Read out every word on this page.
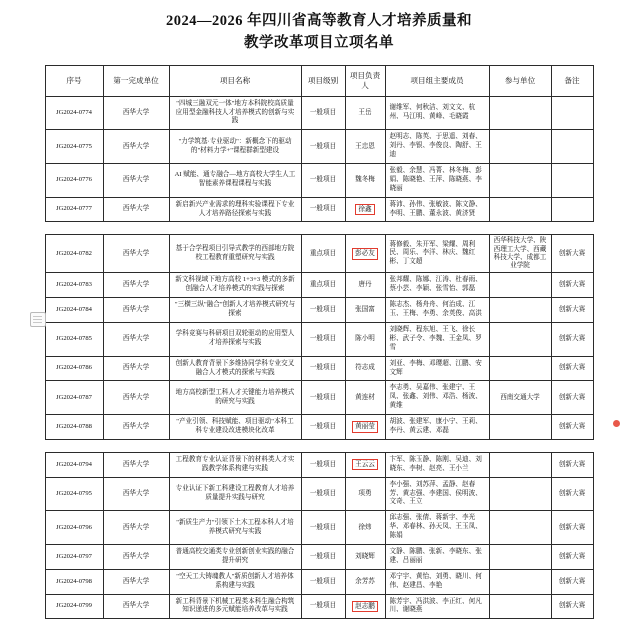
2024—2026 年四川省高等教育人才培养质量和
教学改革项目立项名单
序号	第一完成单位	项目名称	项目级别	项目负责人	项目组主要成员	参与单位	备注
JG2024-0774	西华大学	"四城三融双元一体"地方本科院校高质量应用型金融科技人才培养模式的创新与实践	一般项目	王岳	谢维军、何秋洁、刘文文、杭州、马江明、黄峰、毛晓霞		
JG2024-0775	西华大学	"力学筑基·专业驱动"：新概念下的驱动的"材料力学+"课程群新型建设	一般项目	王忠恩	赵明志、陈英、于思遥、刘春、刘丹、李银、李俊良、陶舒、王迪		
JG2024-0776	西华大学	AI 赋能、通专融合—地方高校大学生人工智能素养课程课程与实践	一般项目	魏冬梅	张毅、余慧、冯菁、林冬梅、彭娟、陈晓艳、王萍、陈晓燕、李晓丽		
JG2024-0777	西华大学	新启新兴产业需求的理科实验课程下专业人才培养路径探索与实践	一般项目	徐鑫	蒋沛、孙伟、张敏波、陈文静、李明、王鹏、董永波、黄济贤		
JG2024-0782	西华大学	基于合学程项目引导式教学的西部地方院校工程教育重塑研究与实践	重点项目	彭必友	蒋修毅、朱开军、梁耀、周利民、周乐、李洋、林庆、魏红彬、丁文超	西华科技大学、陕西理工大学、西藏科技大学、成都工业学院	创新大赛
JG2024-0783	西华大学	新文科视域下地方高校 1+3+3 模式的多新创融合人才培养模式的实践与探索	重点项目	唐丹	张邦耀、陈娜、江涛、杜春雨、蔡小芸、李颖、张雪怡、郭磊		创新大赛
JG2024-0784	西华大学	"三横三纵"融合"创新人才培养模式研究与探索	一般项目	张国富	陈志杰、杨舟舟、何治成、江玉、王梅、李勇、余英俊、高洪		创新大赛
JG2024-0785	西华大学	学科竞赛与科研项目双轮驱动的应用型人才培养探索与实践	一般项目	陈小明	刘晓辉、程东旭、王飞、徐长彬、武子令、李魏、王金凤、罗雪		创新大赛
JG2024-0786	西华大学	创新人教育背景下多维协同学科专业交叉融合人才模式的探索与实践	一般项目	符志成	刘亚、李梅、邓璎超、江鹏、安文辉		创新大赛
JG2024-0787	西华大学	地方高校新型工科人才关键能力培养模式的研究与实践	一般项目	黄连材	李志勇、吴嘉伟、张建宁、王凤、张鑫、刘伟、邓浩、杨波、黄维	西南交通大学	创新大赛
JG2024-0788	西华大学	"产业引领、科技赋能、项目驱动"本科工科专业建设改进模块化改革	一般项目	黄丽莹	胡波、张建军、康小宁、王莉、李丹、黄云建、邓磊		创新大赛
JG2024-0794	西华大学	工程教育专业认证背景下的材料类人才实践教学体系构建与实践	一般项目	王云云	卞军、陈玉静、陈刚、吴迪、刘晓东、李树、赵亮、王小兰		创新大赛
JG2024-0795	西华大学	专业认证下新工科建设工程教育人才培养质量提升实践与研究	一般项目	项勇	李小强、刘苏萍、孟静、赵春芳、黄志强、李建国、侯明波、文奇、王立		创新大赛
JG2024-0796	西华大学	"新质生产力"引领下土木工程本科人才培养模式研究与实践	一般项目	徐炜	邱志强、张倩、蒋新宇、李光华、邓春林、孙天凤、王玉凤、陈娟		创新大赛
JG2024-0797	西华大学	普通高校交通类专业创新创业实践的融合提升研究	一般项目	刘晓辉	文静、陈鹏、张新、李晓东、张建、吕丽丽		创新大赛
JG2024-0798	西华大学	"空天工大铸魂教人"新质创新人才培养体系构建与实践	一般项目	余芳苏	邓宁宇、黄怡、刘勇、晓川、何伟、赵建昌、李艳		创新大赛
JG2024-0799	西华大学	新工科背景下机械工程类本科生融合构筑知识递进的多元赋能培养改革与实践	一般项目	赵志鹏	陈芳宇、冯洪波、李正红、何凡川、谢晓燕		创新大赛
